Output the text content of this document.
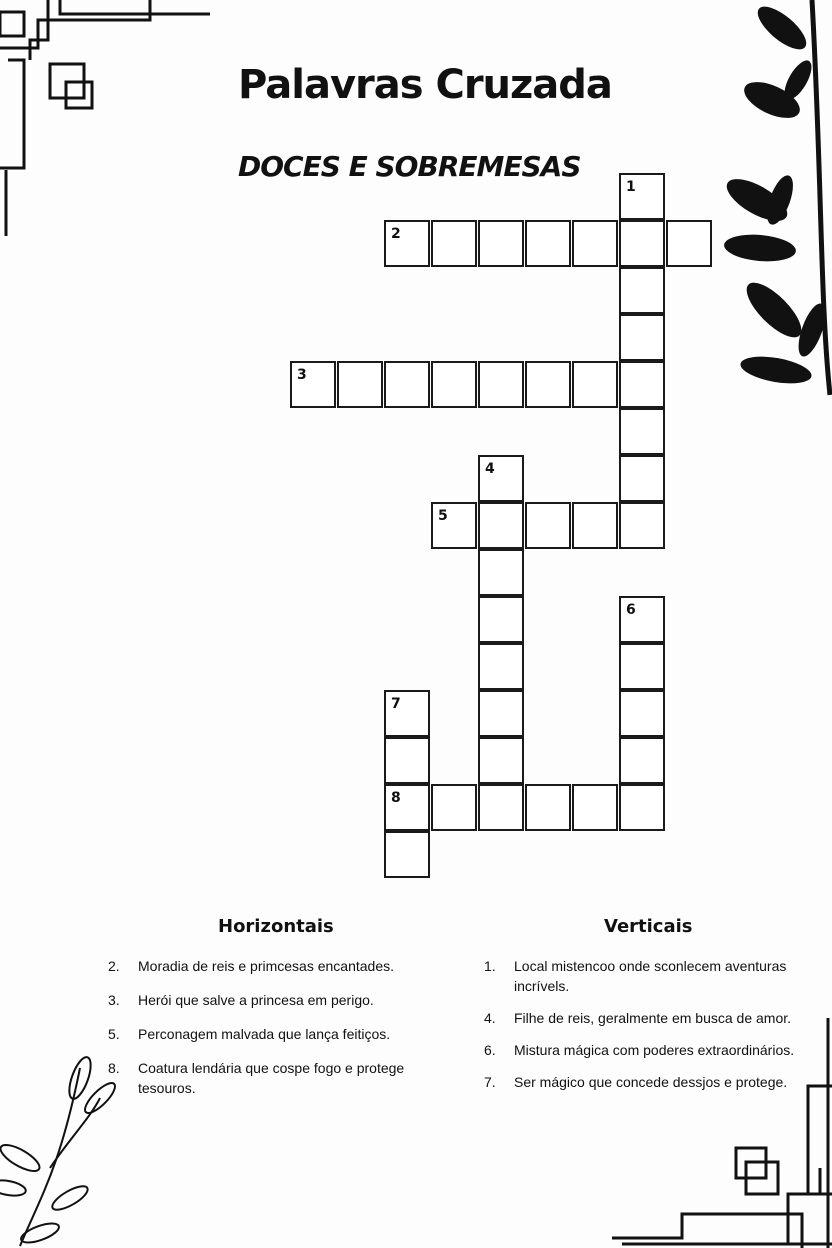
Palavras Cruzada
DOCES E SOBREMESAS
1
2
3
4
5
6
7
8
Horizontais	Verticais
2. Moradia de reis e primcesas encantades.
3. Herói que salve a princesa em perigo.
5. Perconagem malvada que lança feitiços.
8. Coatura lendária que cospe fogo e protege tesouros.
1. Local mistencoo onde sconlecem aventuras incrívels.
4. Filhe de reis, geralmente em busca de amor.
6. Mistura mágica com poderes extraordinários.
7. Ser mágico que concede dessjos e protege.
